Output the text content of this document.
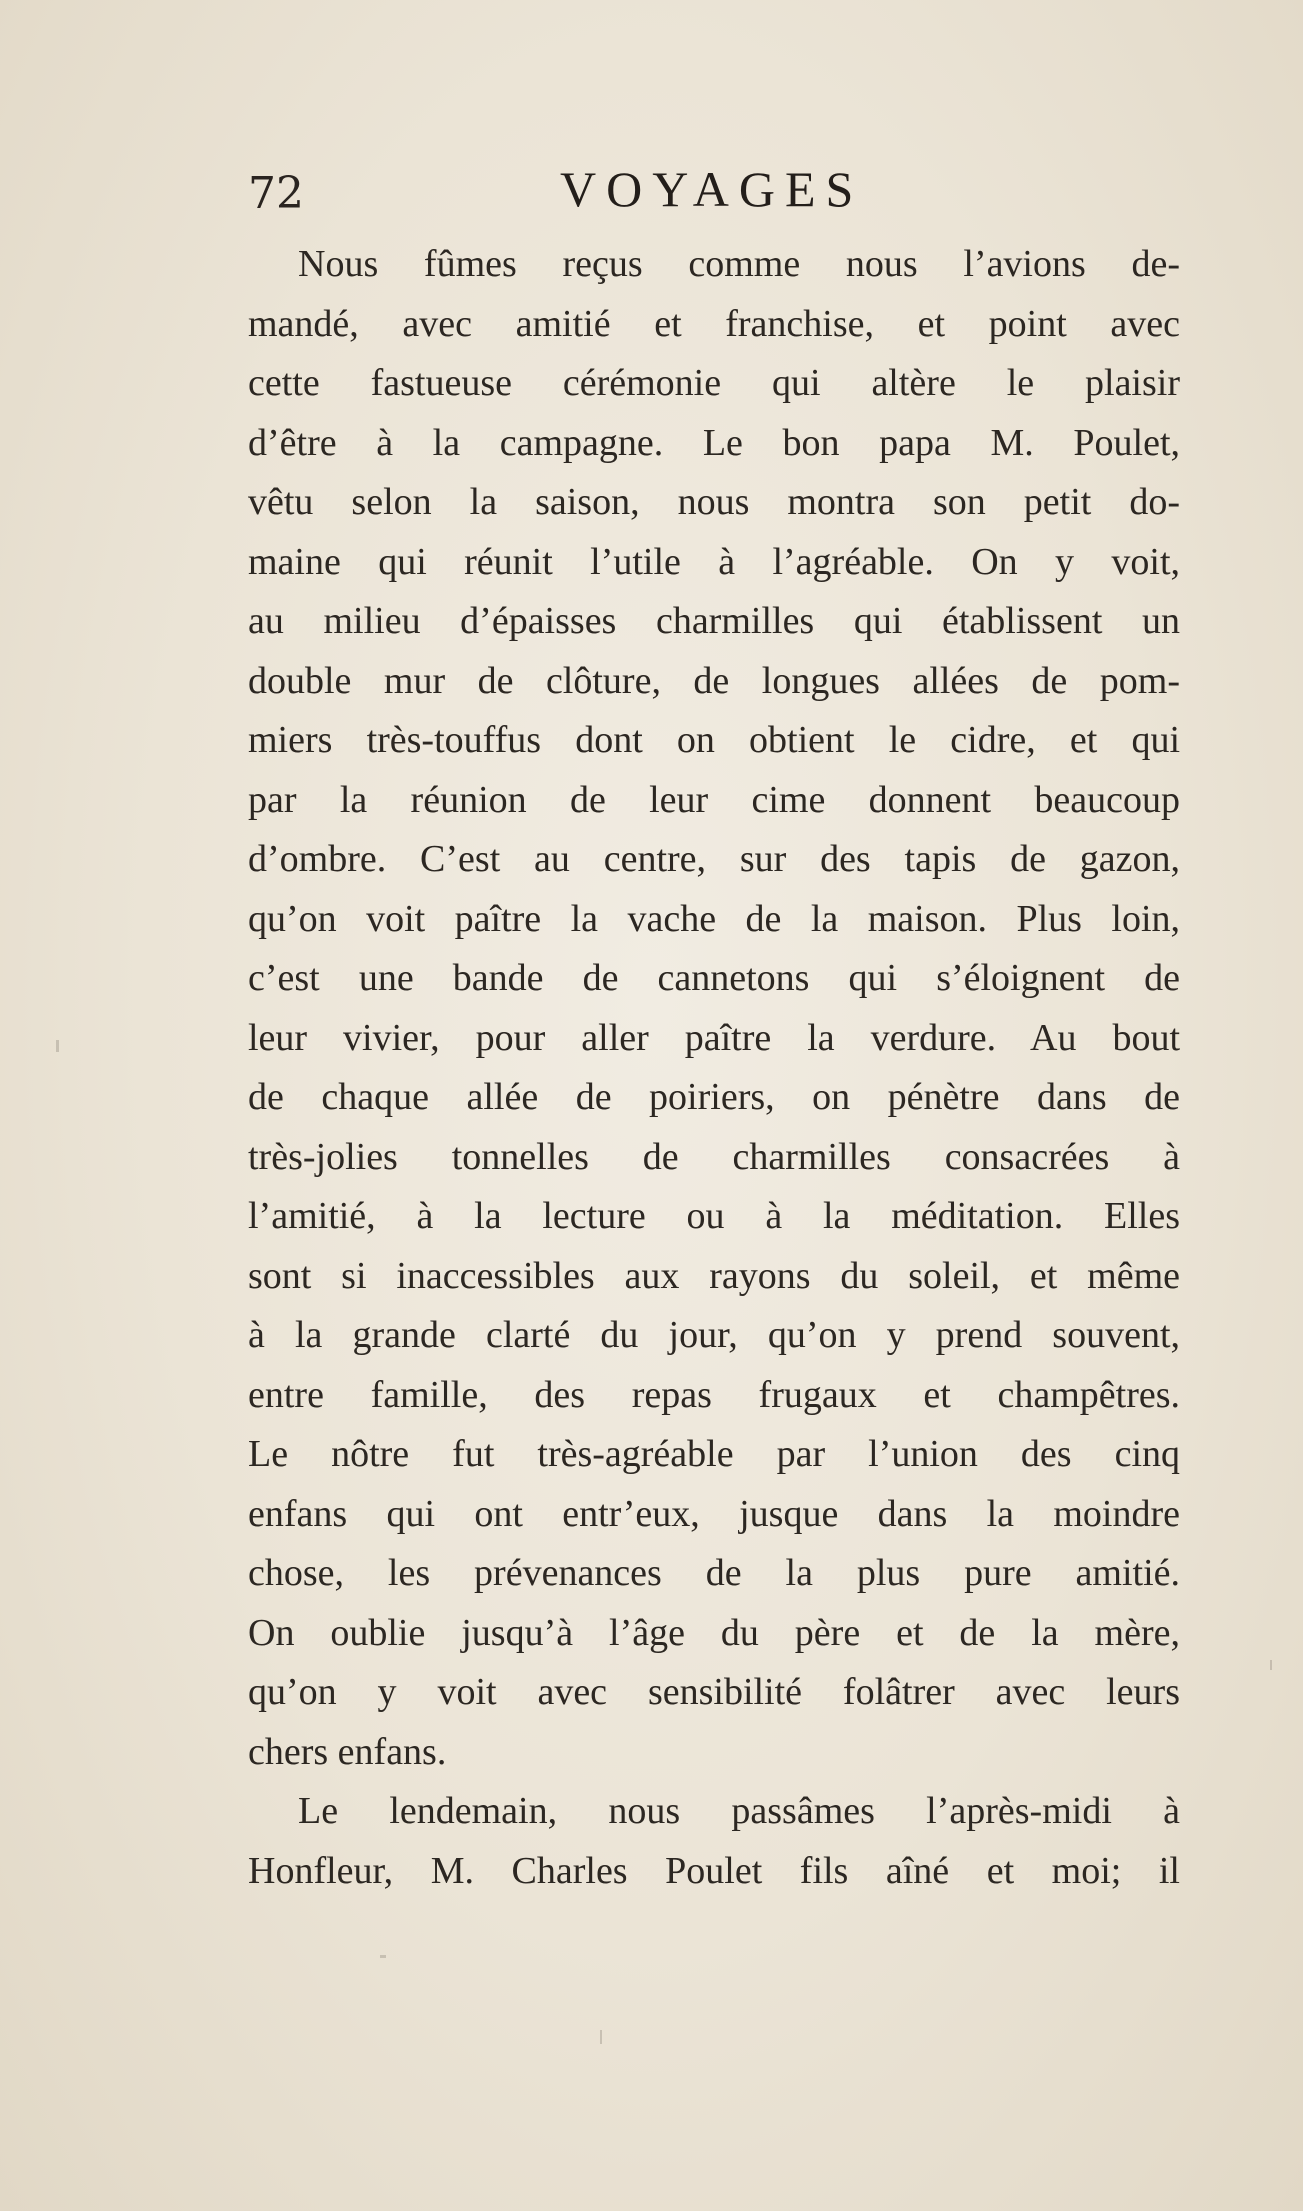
72	VOYAGES
Nous fûmes reçus comme nous l’avions de-
mandé, avec amitié et franchise, et point avec
cette fastueuse cérémonie qui altère le plaisir
d’être à la campagne. Le bon papa M. Poulet,
vêtu selon la saison, nous montra son petit do-
maine qui réunit l’utile à l’agréable. On y voit,
au milieu d’épaisses charmilles qui établissent un
double mur de clôture, de longues allées de pom-
miers très-touffus dont on obtient le cidre, et qui
par la réunion de leur cime donnent beaucoup
d’ombre. C’est au centre, sur des tapis de gazon,
qu’on voit paître la vache de la maison. Plus loin,
c’est une bande de cannetons qui s’éloignent de
leur vivier, pour aller paître la verdure. Au bout
de chaque allée de poiriers, on pénètre dans de
très-jolies tonnelles de charmilles consacrées à
l’amitié, à la lecture ou à la méditation. Elles
sont si inaccessibles aux rayons du soleil, et même
à la grande clarté du jour, qu’on y prend souvent,
entre famille, des repas frugaux et champêtres.
Le nôtre fut très-agréable par l’union des cinq
enfans qui ont entr’eux, jusque dans la moindre
chose, les prévenances de la plus pure amitié.
On oublie jusqu’à l’âge du père et de la mère,
qu’on y voit avec sensibilité folâtrer avec leurs
chers enfans.
Le lendemain, nous passâmes l’après-midi à
Honfleur, M. Charles Poulet fils aîné et moi; il
